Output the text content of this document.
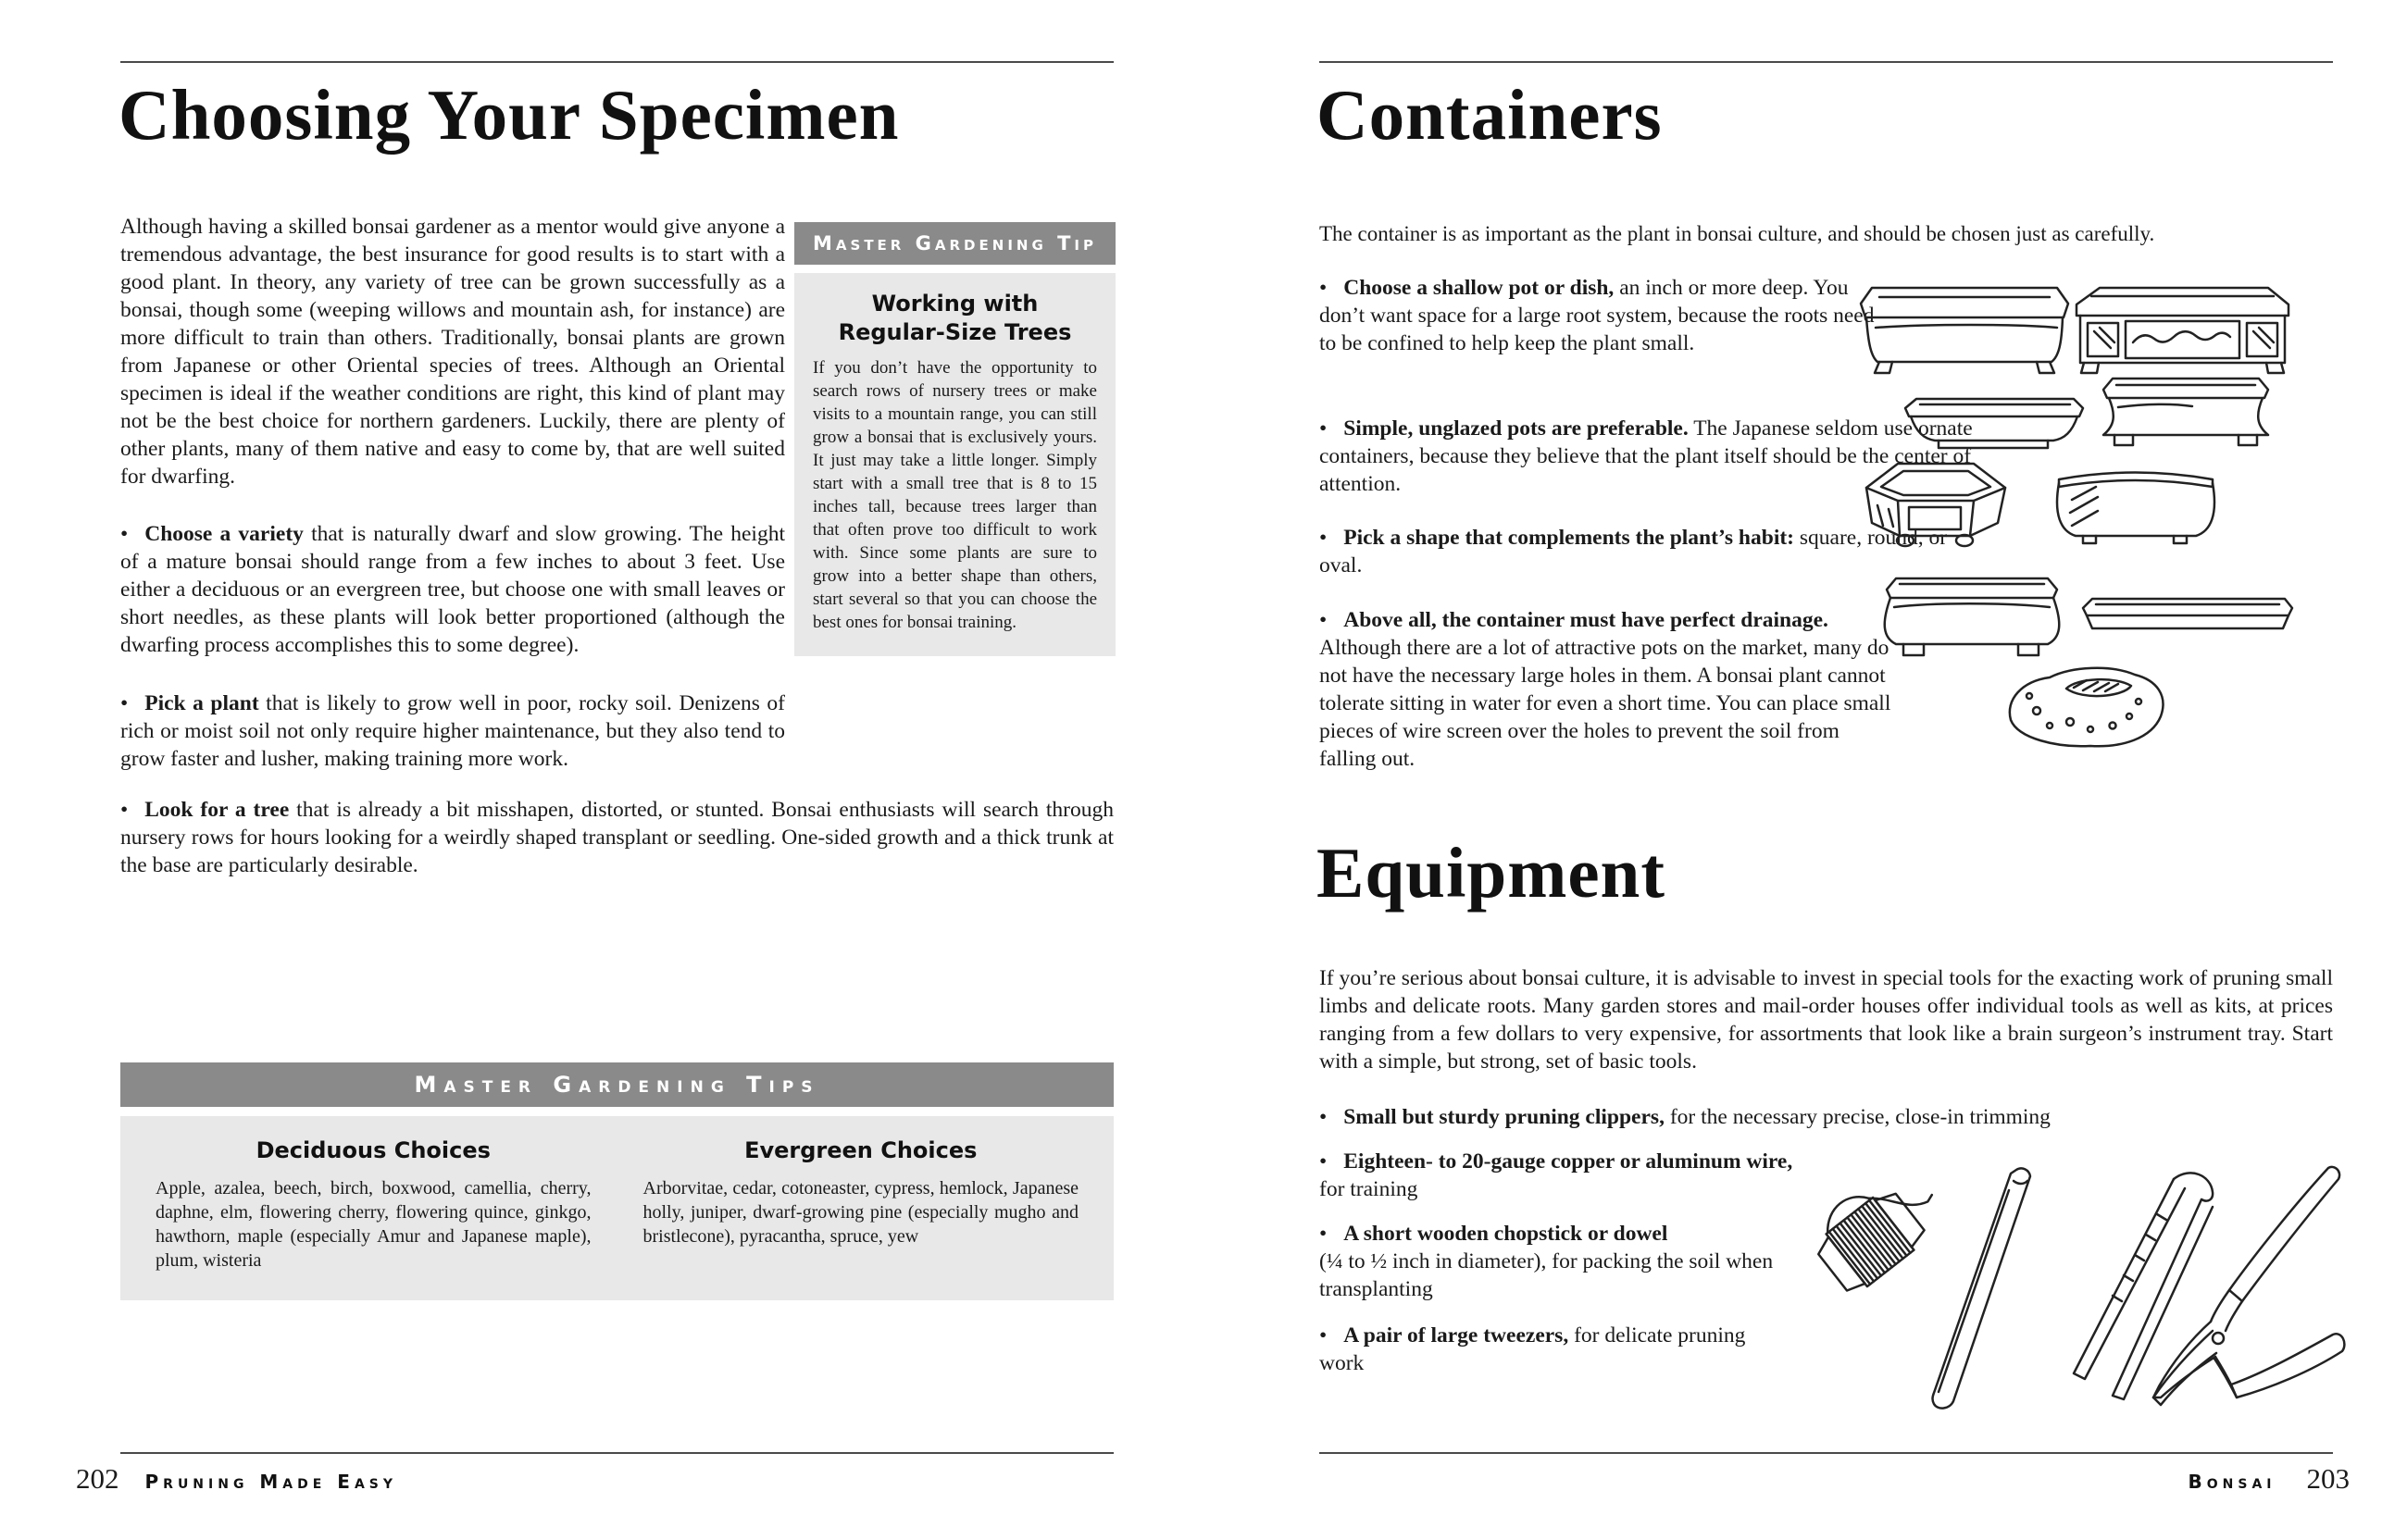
Choosing Your Specimen

Although having a skilled bonsai gardener as a mentor would give anyone a tremendous advantage, the best insurance for good results is to start with a good plant. In theory, any variety of tree can be grown successfully as a bonsai, though some (weeping willows and mountain ash, for instance) are more difficult to train than others. Traditionally, bonsai plants are grown from Japanese or other Oriental species of trees. Although an Oriental specimen is ideal if the weather conditions are right, this kind of plant may not be the best choice for northern gardeners. Luckily, there are plenty of other plants, many of them native and easy to come by, that are well suited for dwarfing.

• Choose a variety that is naturally dwarf and slow growing. The height of a mature bonsai should range from a few inches to about 3 feet. Use either a deciduous or an evergreen tree, but choose one with small leaves or short needles, as these plants will look better proportioned (although the dwarfing process accomplishes this to some degree).

• Pick a plant that is likely to grow well in poor, rocky soil. Denizens of rich or moist soil not only require higher maintenance, but they also tend to grow faster and lusher, making training more work.

• Look for a tree that is already a bit misshapen, distorted, or stunted. Bonsai enthusiasts will search through nursery rows for hours looking for a weirdly shaped transplant or seedling. One-sided growth and a thick trunk at the base are particularly desirable.

Master Gardening Tip
Working with
Regular-Size Trees

If you don’t have the opportunity to search rows of nursery trees or make visits to a mountain range, you can still grow a bonsai that is exclusively yours. It just may take a little longer. Simply start with a small tree that is 8 to 15 inches tall, because trees larger than that often prove too difficult to work with. Since some plants are sure to grow into a better shape than others, start several so that you can choose the best ones for bonsai training.

Master Gardening Tips
Deciduous Choices

Apple, azalea, beech, birch, boxwood, camellia, cherry, daphne, elm, flowering cherry, flowering quince, ginkgo, hawthorn, maple (especially Amur and Japanese maple), plum, wisteria

Evergreen Choices

Arborvitae, cedar, cotoneaster, cypress, hemlock, Japanese holly, juniper, dwarf-growing pine (especially mugho and bristlecone), pyracantha, spruce, yew

202 Pruning Made Easy
Containers

The container is as important as the plant in bonsai culture, and should be chosen just as carefully.

• Choose a shallow pot or dish, an inch or more deep. You don’t want space for a large root system, because the roots need to be confined to help keep the plant small.

• Simple, unglazed pots are preferable. The Japanese seldom use ornate containers, because they believe that the plant itself should be the center of attention.

• Pick a shape that complements the plant’s habit: square, round, or oval.

• Above all, the container must have perfect drainage. Although there are a lot of attractive pots on the market, many do not have the necessary large holes in them. A bonsai plant cannot tolerate sitting in water for even a short time. You can place small pieces of wire screen over the holes to prevent the soil from falling out.

Equipment

If you’re serious about bonsai culture, it is advisable to invest in special tools for the exacting work of pruning small limbs and delicate roots. Many garden stores and mail-order houses offer individual tools as well as kits, at prices ranging from a few dollars to very expensive, for assortments that look like a brain surgeon’s instrument tray. Start with a simple, but strong, set of basic tools.

• Small but sturdy pruning clippers, for the necessary precise, close-in trimming

• Eighteen- to 20-gauge copper or aluminum wire,
for training

• A short wooden chopstick or dowel
(¼ to ½ inch in diameter), for packing the soil when transplanting

• A pair of large tweezers, for delicate pruning work

Bonsai 203
